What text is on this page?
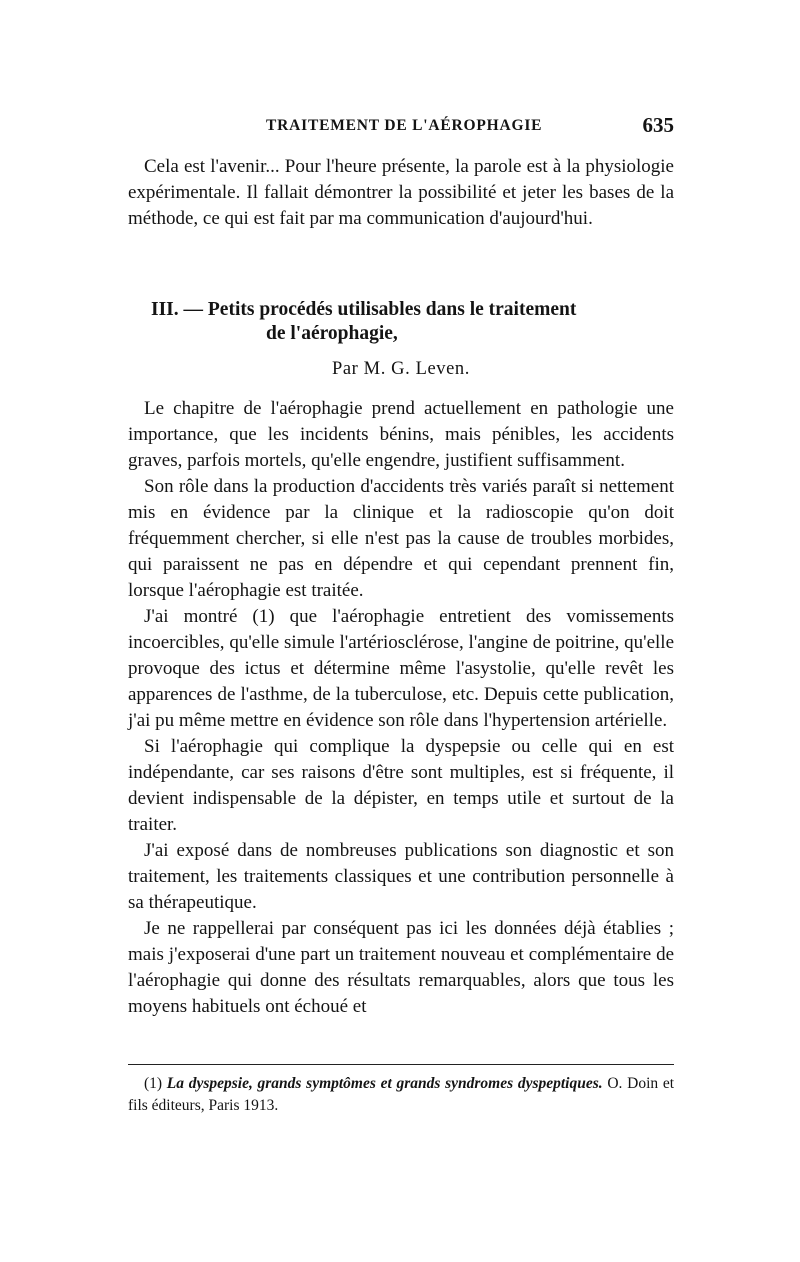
TRAITEMENT DE L'AÉROPHAGIE	635

Cela est l'avenir... Pour l'heure présente, la parole est à la physiologie expérimentale. Il fallait démontrer la possibilité et jeter les bases de la méthode, ce qui est fait par ma communication d'aujourd'hui.

III. — Petits procédés utilisables dans le traitement
de l'aérophagie,
Par M. G. Leven.

Le chapitre de l'aérophagie prend actuellement en pathologie une importance, que les incidents bénins, mais pénibles, les accidents graves, parfois mortels, qu'elle engendre, justifient suffisamment.

Son rôle dans la production d'accidents très variés paraît si nettement mis en évidence par la clinique et la radioscopie qu'on doit fréquemment chercher, si elle n'est pas la cause de troubles morbides, qui paraissent ne pas en dépendre et qui cependant prennent fin, lorsque l'aérophagie est traitée.

J'ai montré (1) que l'aérophagie entretient des vomissements incoercibles, qu'elle simule l'artériosclérose, l'angine de poitrine, qu'elle provoque des ictus et détermine même l'asystolie, qu'elle revêt les apparences de l'asthme, de la tuberculose, etc. Depuis cette publication, j'ai pu même mettre en évidence son rôle dans l'hypertension artérielle.

Si l'aérophagie qui complique la dyspepsie ou celle qui en est indépendante, car ses raisons d'être sont multiples, est si fréquente, il devient indispensable de la dépister, en temps utile et surtout de la traiter.

J'ai exposé dans de nombreuses publications son diagnostic et son traitement, les traitements classiques et une contribution personnelle à sa thérapeutique.

Je ne rappellerai par conséquent pas ici les données déjà établies ; mais j'exposerai d'une part un traitement nouveau et complémentaire de l'aérophagie qui donne des résultats remarquables, alors que tous les moyens habituels ont échoué et

(1) La dyspepsie, grands symptômes et grands syndromes dyspeptiques. O. Doin et fils éditeurs, Paris 1913.
